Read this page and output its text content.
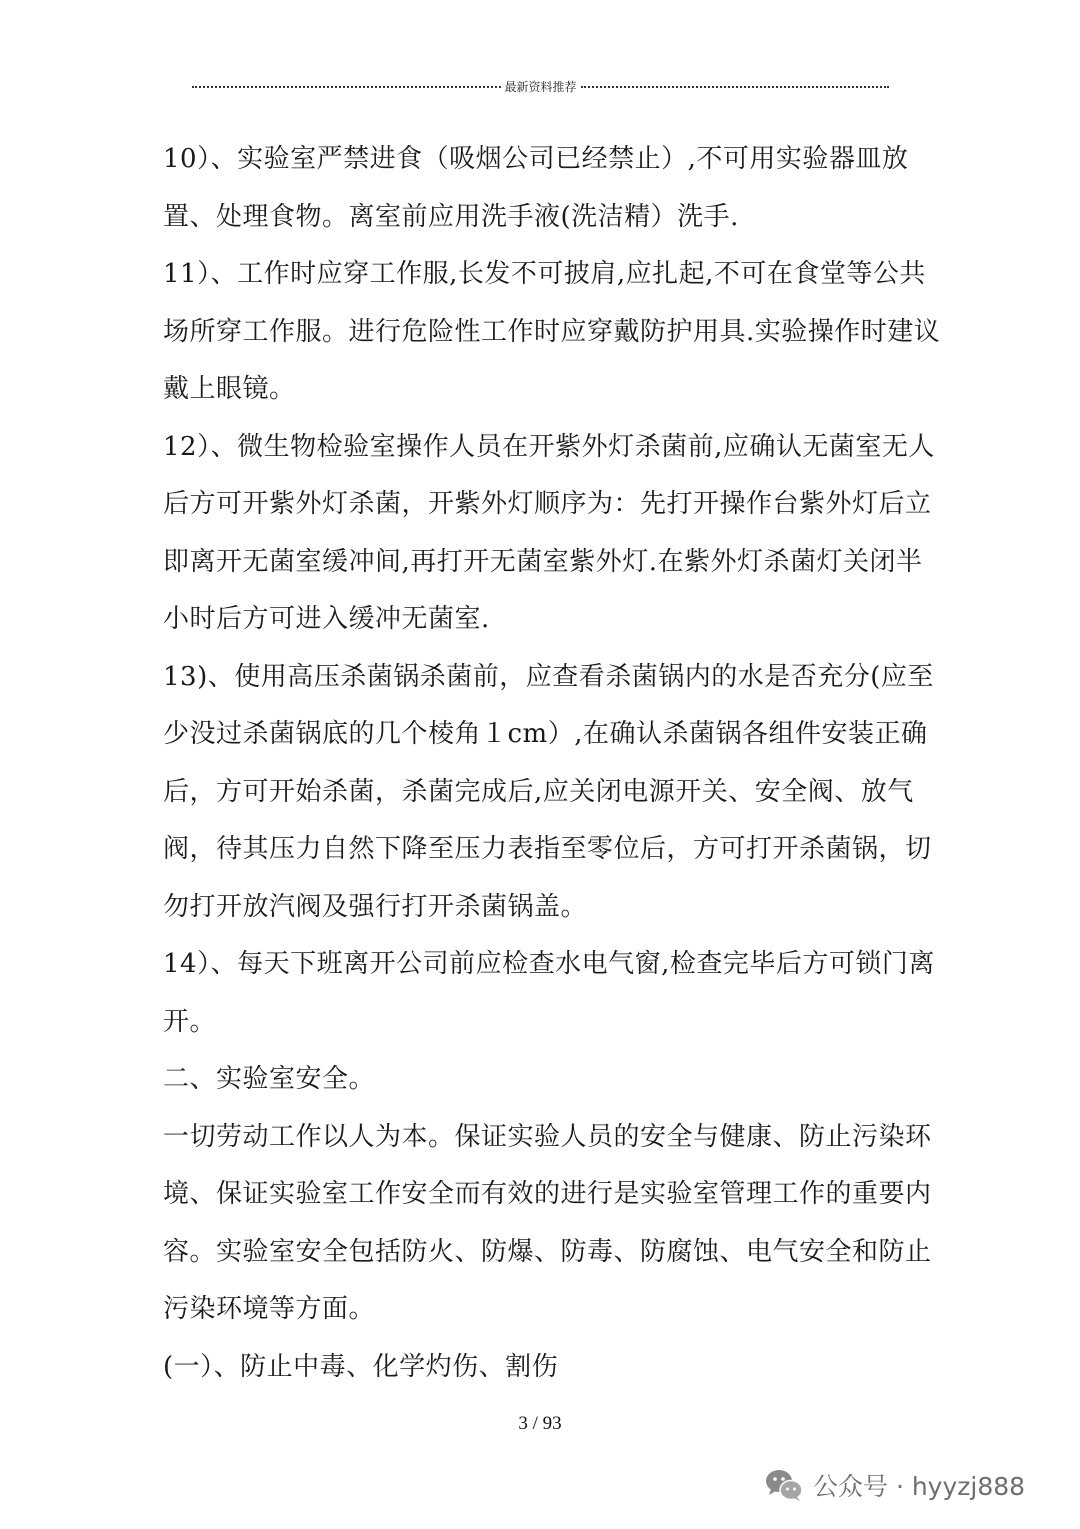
最新资料推荐
10）、实验室严禁进食（吸烟公司已经禁止）,不可用实验器皿放
置、处理食物。离室前应用洗手液(洗洁精）洗手.
11）、工作时应穿工作服,长发不可披肩,应扎起,不可在食堂等公共
场所穿工作服。进行危险性工作时应穿戴防护用具.实验操作时建议
戴上眼镜。
12）、微生物检验室操作人员在开紫外灯杀菌前,应确认无菌室无人
后方可开紫外灯杀菌，开紫外灯顺序为：先打开操作台紫外灯后立
即离开无菌室缓冲间,再打开无菌室紫外灯.在紫外灯杀菌灯关闭半
小时后方可进入缓冲无菌室.
13)、使用高压杀菌锅杀菌前，应查看杀菌锅内的水是否充分(应至
少没过杀菌锅底的几个棱角１cm）,在确认杀菌锅各组件安装正确
后，方可开始杀菌，杀菌完成后,应关闭电源开关、安全阀、放气
阀，待其压力自然下降至压力表指至零位后，方可打开杀菌锅，切
勿打开放汽阀及强行打开杀菌锅盖。
14）、每天下班离开公司前应检查水电气窗,检查完毕后方可锁门离
开。
二、实验室安全。
一切劳动工作以人为本。保证实验人员的安全与健康、防止污染环
境、保证实验室工作安全而有效的进行是实验室管理工作的重要内
容。实验室安全包括防火、防爆、防毒、防腐蚀、电气安全和防止
污染环境等方面。
(一）、防止中毒、化学灼伤、割伤
3 / 93
公众号 · hyyzj888
